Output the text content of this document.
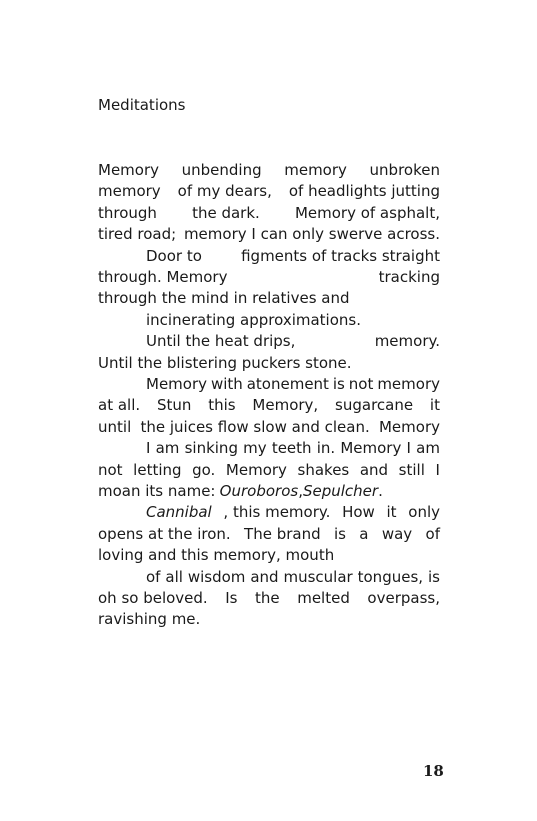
Meditations
Memory unbending memory unbroken
memory of my dears, of headlights jutting
through the dark. Memory of asphalt,
tired road; memory I can only swerve across.
Door to	figments of tracks straight
through. Memory	tracking
through the mind in relatives and
incinerating approximations.
Until the heat drips,	memory.
Until the blistering puckers stone.
Memory with atonement is not memory
at all. Stun this Memory, sugarcane it
until the juices flow slow and clean. Memory
I am sinking my teeth in. Memory I am
not letting go. Memory shakes and still I
moan its name: Ouroboros , Sepulcher .
Cannibal , this memory. How it only
opens at the iron. The brand is a way of
loving and this memory, mouth
of all wisdom and muscular tongues, is
oh so beloved. Is the melted overpass,
ravishing me.
18
